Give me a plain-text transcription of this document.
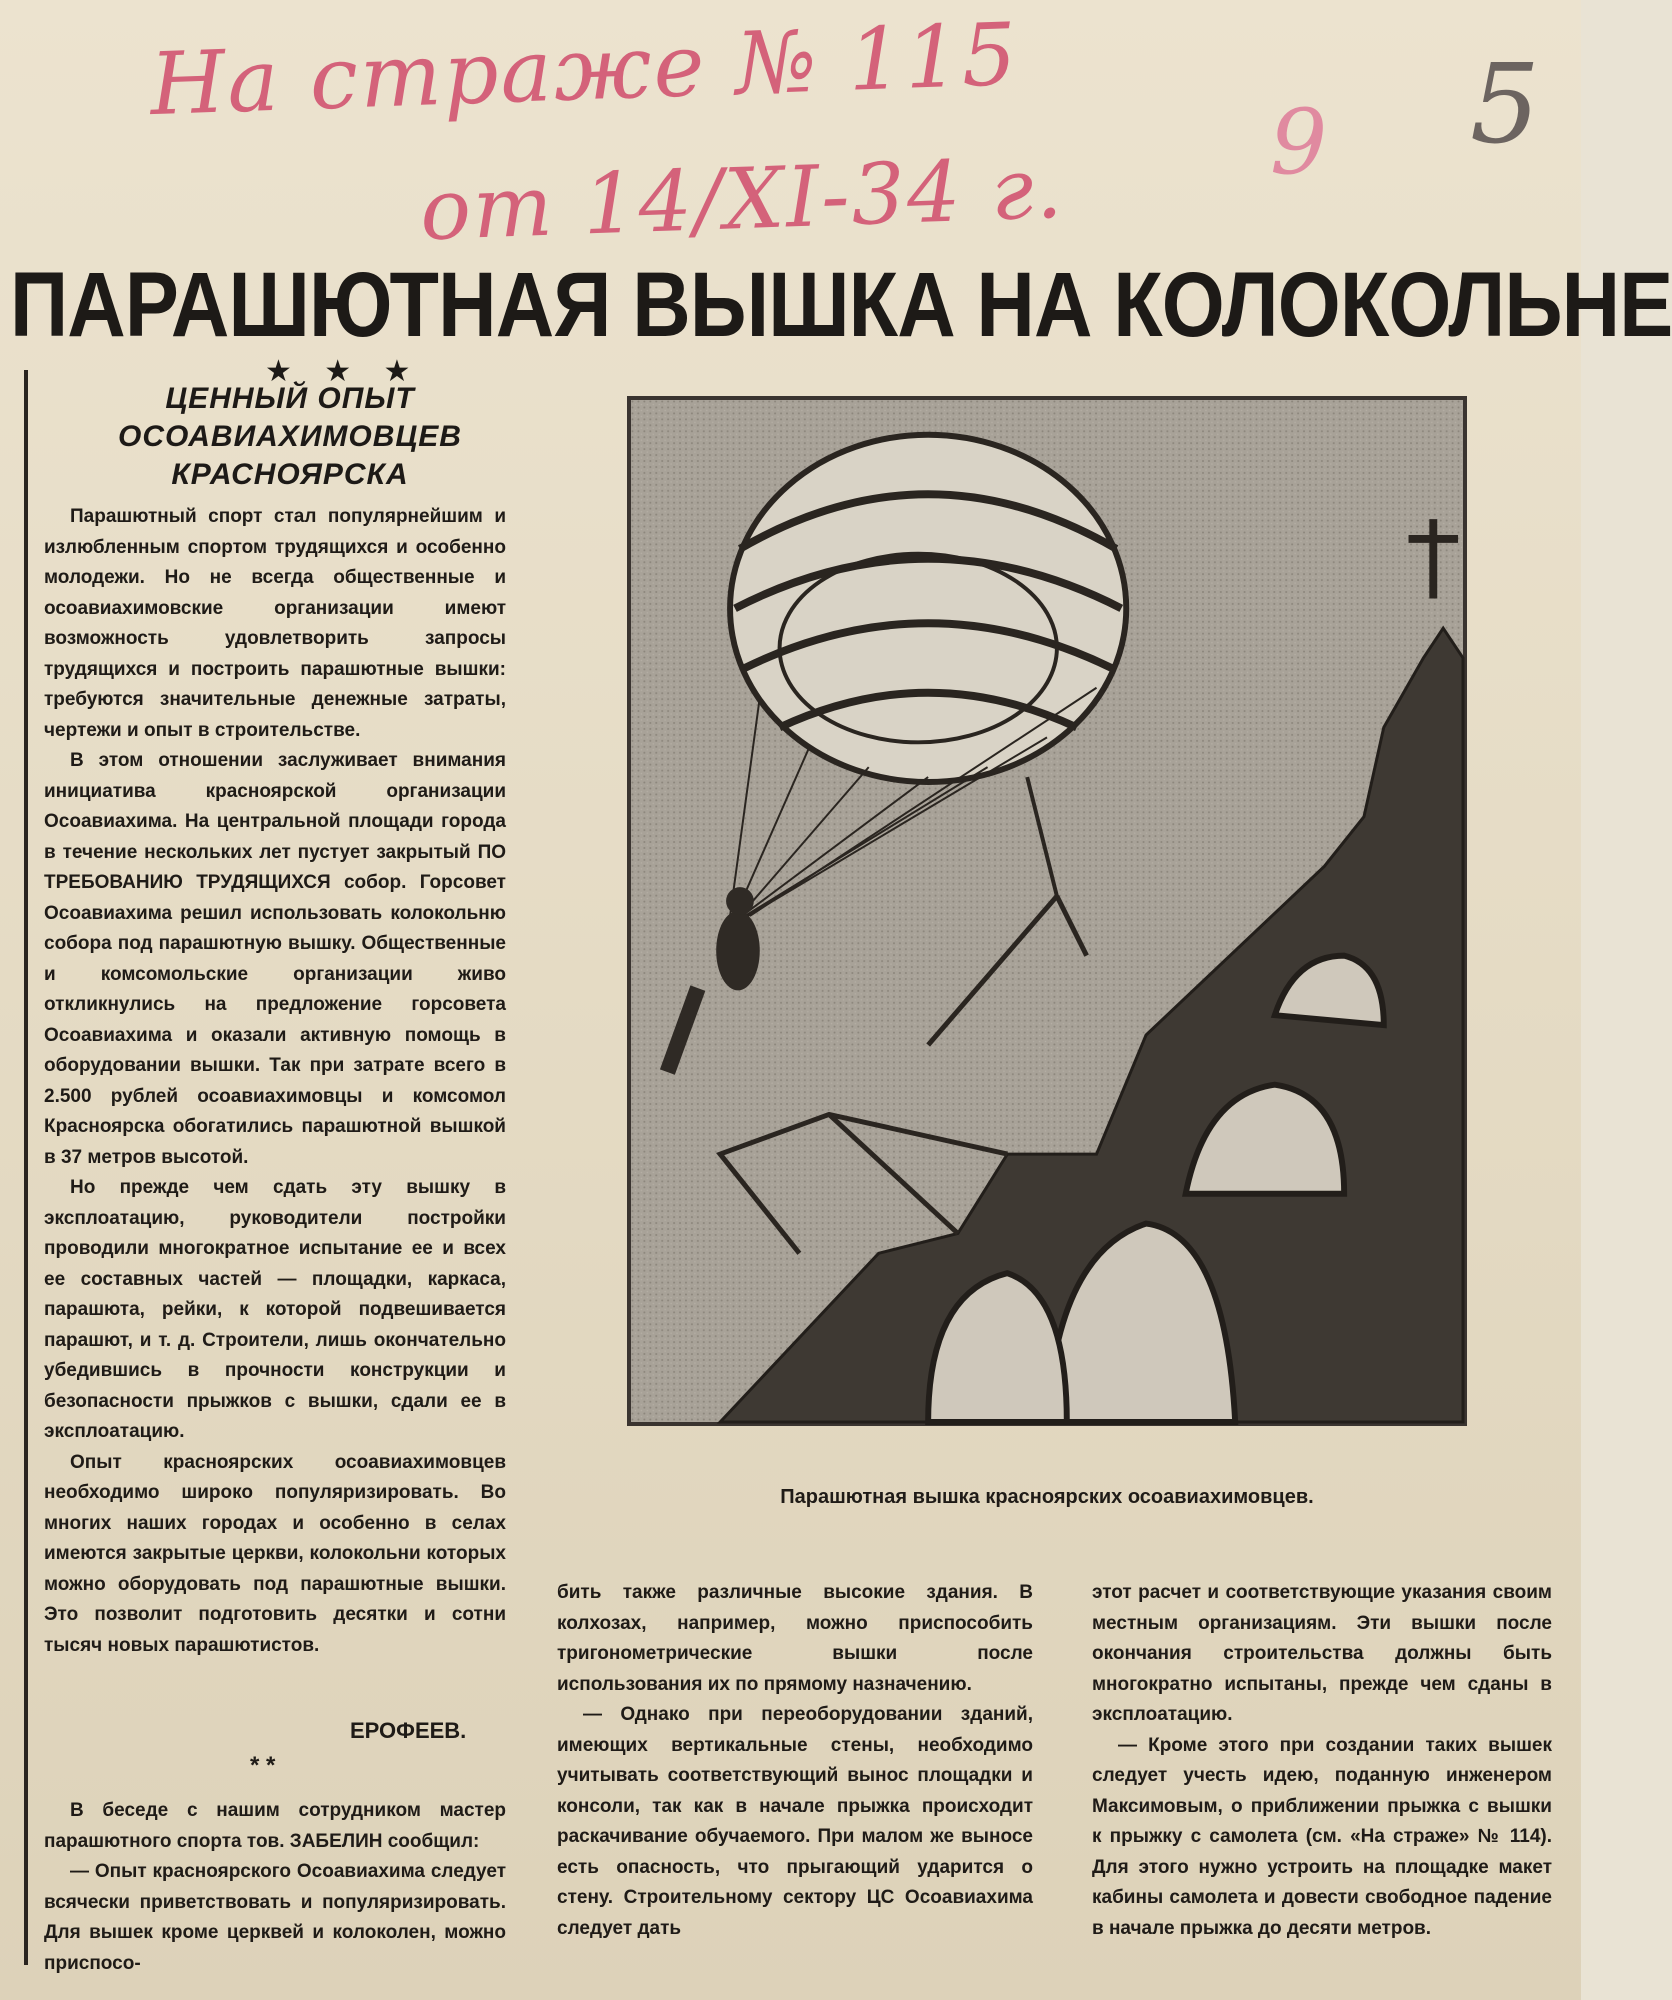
На страже № 115
от 14/XI-34 г. 9 5
ПАРАШЮТНАЯ ВЫШКА НА КОЛОКОЛЬНЕ
★ ★ ★
ЦЕННЫЙ ОПЫТ
ОСОАВИАХИМОВЦЕВ
КРАСНОЯРСКА

Парашютный спорт стал популярнейшим и излюбленным спортом трудящихся и особенно молодежи. Но не всегда общественные и осоавиахимовские организации имеют возможность удовлетворить запросы трудящихся и построить парашютные вышки: требуются значительные денежные затраты, чертежи и опыт в строительстве.

В этом отношении заслуживает внимания инициатива красноярской организации Осоавиахима. На центральной площади города в течение нескольких лет пустует закрытый ПО ТРЕБОВАНИЮ ТРУДЯЩИХСЯ собор. Горсовет Осоавиахима решил использовать колокольню собора под парашютную вышку. Общественные и комсомольские организации живо откликнулись на предложение горсовета Осоавиахима и оказали активную помощь в оборудовании вышки. Так при затрате всего в 2.500 рублей осоавиахимовцы и комсомол Красноярска обогатились парашютной вышкой в 37 метров высотой.

Но прежде чем сдать эту вышку в эксплоатацию, руководители постройки проводили многократное испытание ее и всех ее составных частей — площадки, каркаса, парашюта, рейки, к которой подвешивается парашют, и т. д. Строители, лишь окончательно убедившись в прочности конструкции и безопасности прыжков с вышки, сдали ее в эксплоатацию.

Опыт красноярских осоавиахимовцев необходимо широко популяризировать. Во многих наших городах и особенно в селах имеются закрытые церкви, колокольни которых можно оборудовать под парашютные вышки. Это позволит подготовить десятки и сотни тысяч новых парашютистов.

ЕРОФЕЕВ.
* *

В беседе с нашим сотрудником мастер парашютного спорта тов. ЗАБЕЛИН сообщил:

— Опыт красноярского Осоавиахима следует всячески приветствовать и популяризировать. Для вышек кроме церквей и колоколен, можно приспосо-

Парашютная вышка красноярских осоавиахимовцев.

бить также различные высокие здания. В колхозах, например, можно приспособить тригонометрические вышки после использования их по прямому назначению.

— Однако при переоборудовании зданий, имеющих вертикальные стены, необходимо учитывать соответствующий вынос площадки и консоли, так как в начале прыжка происходит раскачивание обучаемого. При малом же выносе есть опасность, что прыгающий ударится о стену. Строительному сектору ЦС Осоавиахима следует дать

этот расчет и соответствующие указания своим местным организациям. Эти вышки после окончания строительства должны быть многократно испытаны, прежде чем сданы в эксплоатацию.

— Кроме этого при создании таких вышек следует учесть идею, поданную инженером Максимовым, о приближении прыжка с вышки к прыжку с самолета (см. «На страже» № 114). Для этого нужно устроить на площадке макет кабины самолета и довести свободное падение в начале прыжка до десяти метров.
